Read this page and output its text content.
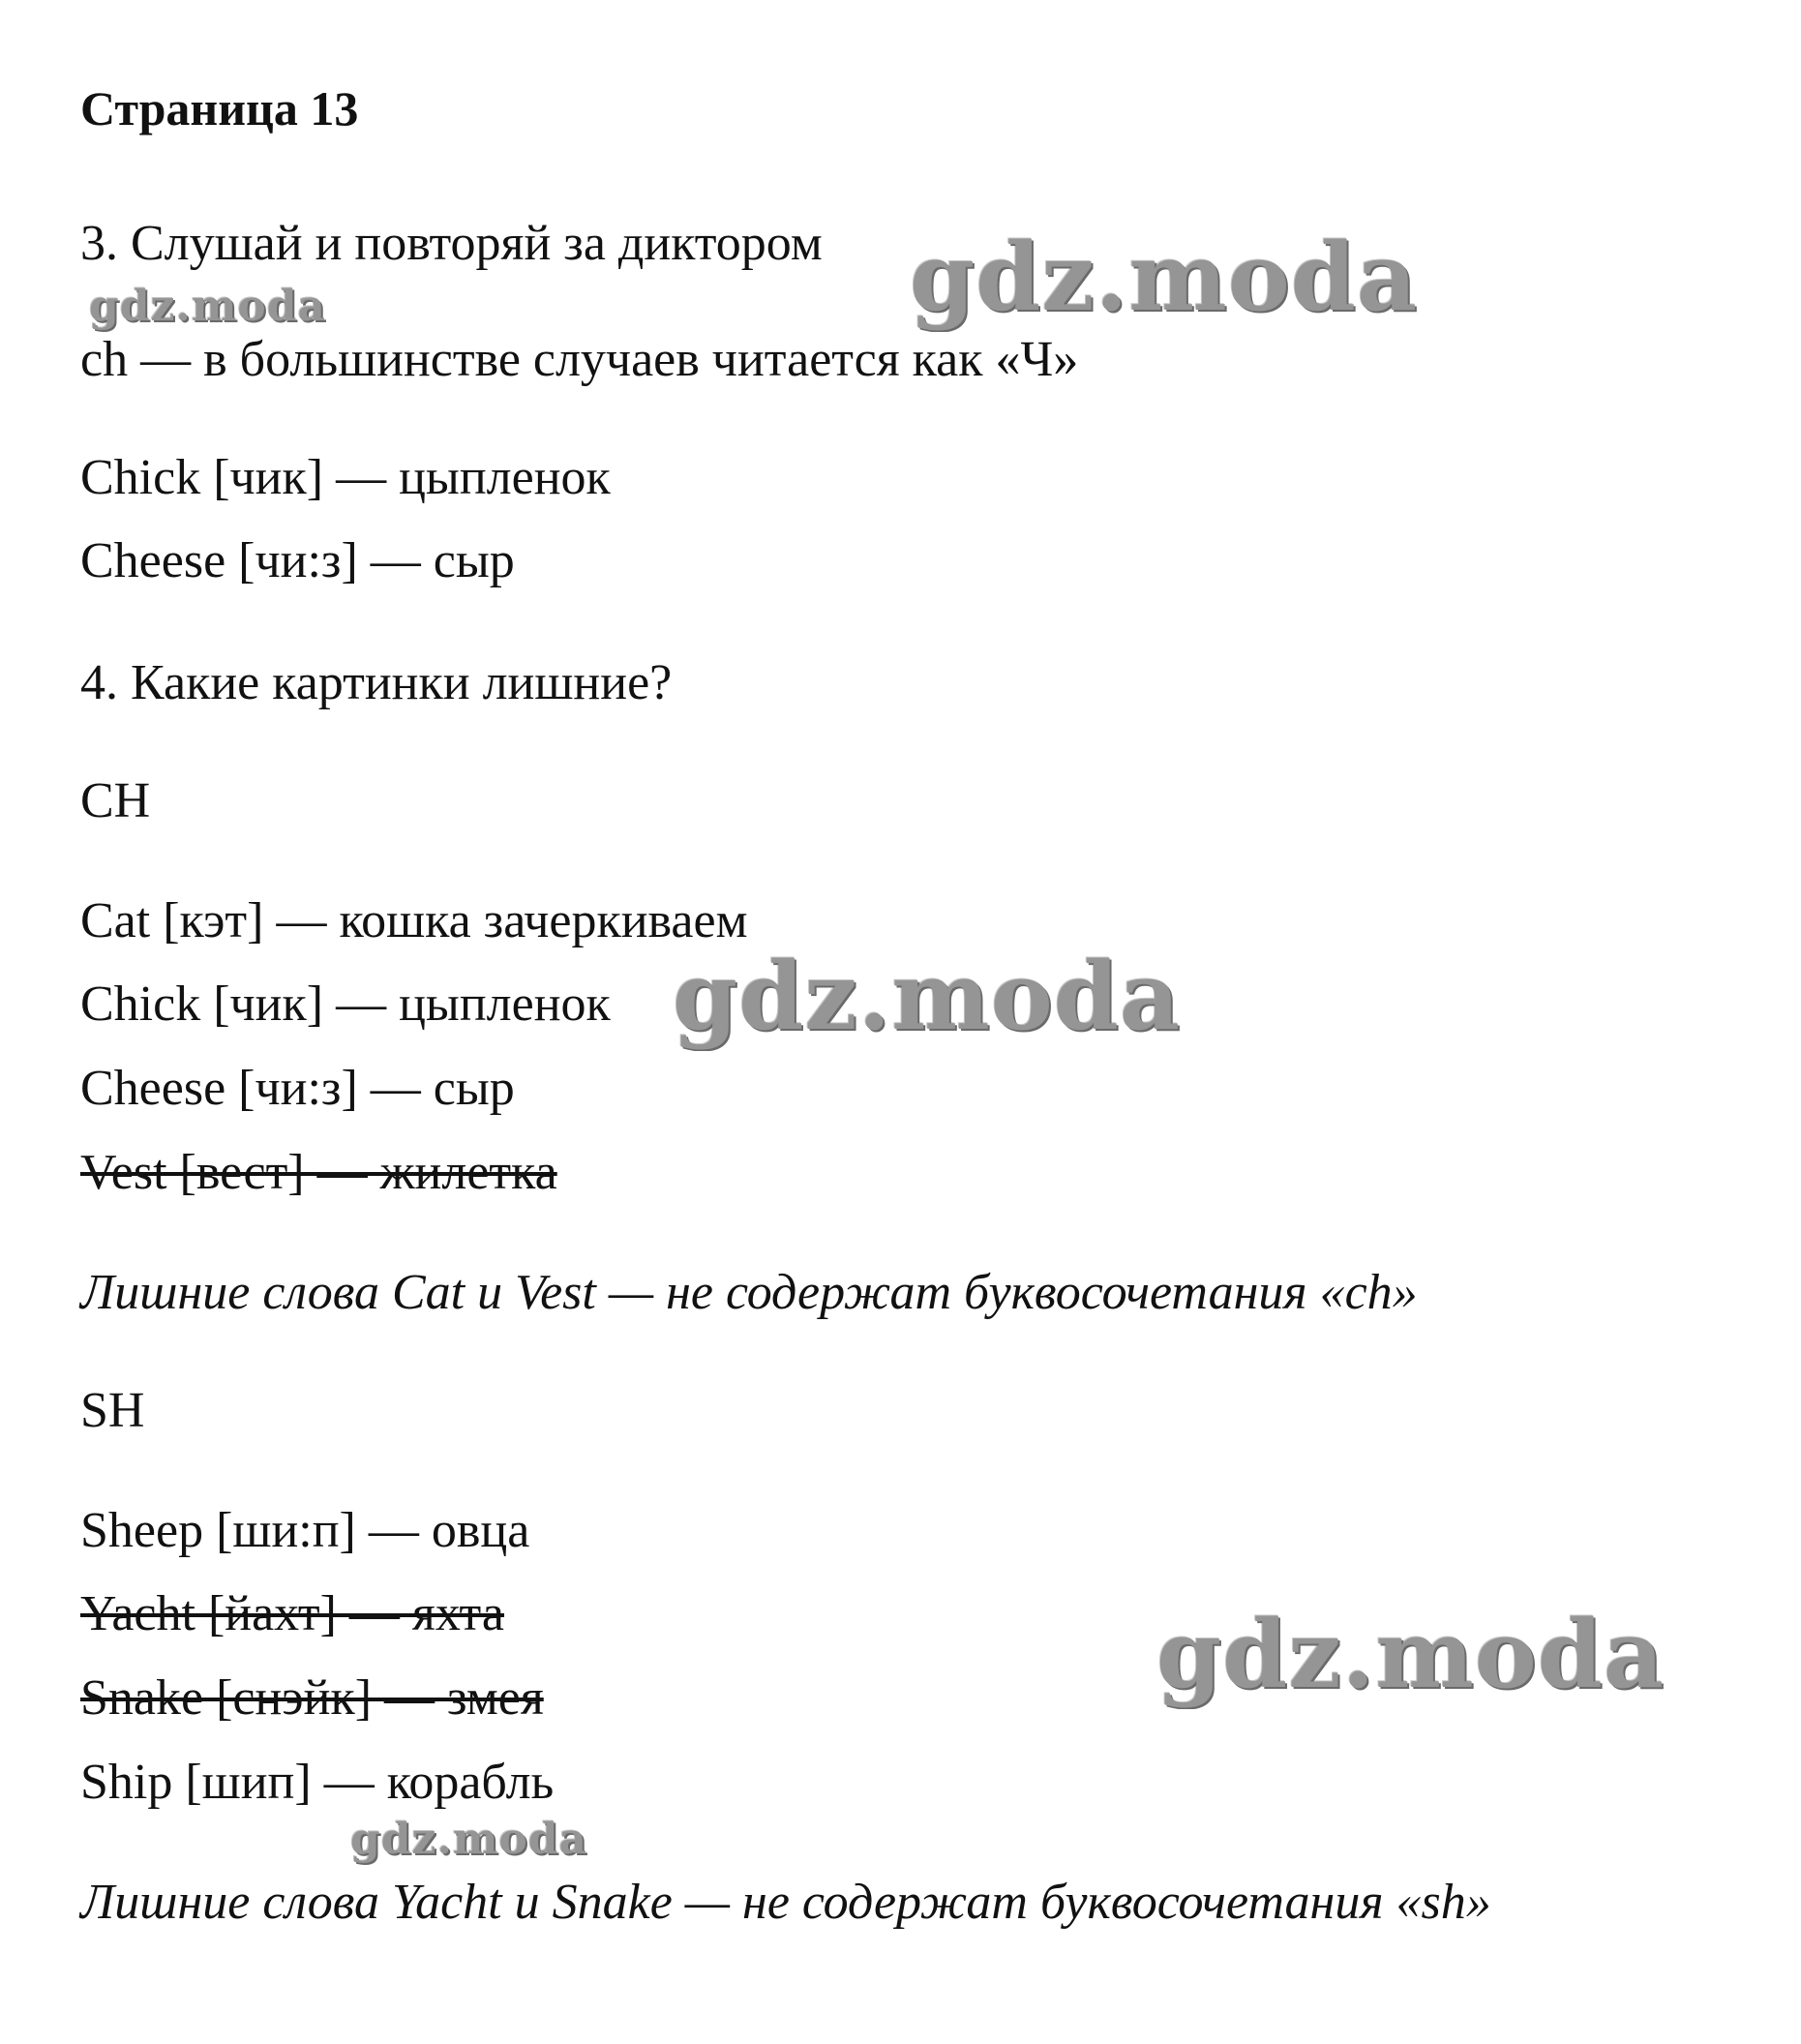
Страница 13
3. Слушай и повторяй за диктором
ch — в большинстве случаев читается как «Ч»
Chick [чик] — цыпленок
Cheese [чи:з] — сыр
4. Какие картинки лишние?
CH
Cat [кэт] — кошка зачеркиваем
Chick [чик] — цыпленок
Cheese [чи:з] — сыр
Vest [вест] — жилетка
Лишние слова Cat и Vest — не содержат буквосочетания «ch»
SH
Sheep [ши:п] — овца
Yacht [йахт] — яхта
Snake [снэйк] — змея
Ship [шип] — корабль
Лишние слова Yacht и Snake — не содержат буквосочетания «sh»
gdz.moda
gdz.moda
gdz.moda
gdz.moda
gdz.moda
